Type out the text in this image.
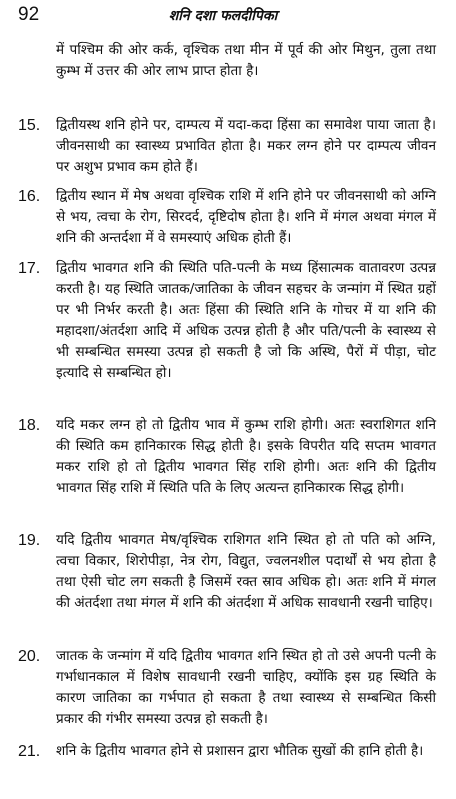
92	शनि दशा फलदीपिका
में पश्चिम की ओर कर्क, वृश्चिक तथा मीन में पूर्व की ओर मिथुन, तुला तथा कुम्भ में उत्तर की ओर लाभ प्राप्त होता है।
15.	द्वितीयस्थ शनि होने पर, दाम्पत्य में यदा-कदा हिंसा का समावेश पाया जाता है। जीवनसाथी का स्वास्थ्य प्रभावित होता है। मकर लग्न होने पर दाम्पत्य जीवन पर अशुभ प्रभाव कम होते हैं।
16.	द्वितीय स्थान में मेष अथवा वृश्चिक राशि में शनि होने पर जीवनसाथी को अग्नि से भय, त्वचा के रोग, सिरदर्द, दृष्टिदोष होता है। शनि में मंगल अथवा मंगल में शनि की अन्तर्दशा में वे समस्याएं अधिक होती हैं।
17.	द्वितीय भावगत शनि की स्थिति पति-पत्नी के मध्य हिंसात्मक वातावरण उत्पन्न करती है। यह स्थिति जातक/जातिका के जीवन सहचर के जन्मांग में स्थित ग्रहों पर भी निर्भर करती है। अतः हिंसा की स्थिति शनि के गोचर में या शनि की महादशा/अंतर्दशा आदि में अधिक उत्पन्न होती है और पति/पत्नी के स्वास्थ्य से भी सम्बन्धित समस्या उत्पन्न हो सकती है जो कि अस्थि, पैरों में पीड़ा, चोट इत्यादि से सम्बन्धित हो।
18.	यदि मकर लग्न हो तो द्वितीय भाव में कुम्भ राशि होगी। अतः स्वराशिगत शनि की स्थिति कम हानिकारक सिद्ध होती है। इसके विपरीत यदि सप्तम भावगत मकर राशि हो तो द्वितीय भावगत सिंह राशि होगी। अतः शनि की द्वितीय भावगत सिंह राशि में स्थिति पति के लिए अत्यन्त हानिकारक सिद्ध होगी।
19.	यदि द्वितीय भावगत मेष/वृश्चिक राशिगत शनि स्थित हो तो पति को अग्नि, त्वचा विकार, शिरोपीड़ा, नेत्र रोग, विद्युत, ज्वलनशील पदार्थों से भय होता है तथा ऐसी चोट लग सकती है जिसमें रक्त स्राव अधिक हो। अतः शनि में मंगल की अंतर्दशा तथा मंगल में शनि की अंतर्दशा में अधिक सावधानी रखनी चाहिए।
20.	जातक के जन्मांग में यदि द्वितीय भावगत शनि स्थित हो तो उसे अपनी पत्नी के गर्भाधानकाल में विशेष सावधानी रखनी चाहिए, क्योंकि इस ग्रह स्थिति के कारण जातिका का गर्भपात हो सकता है तथा स्वास्थ्य से सम्बन्धित किसी प्रकार की गंभीर समस्या उत्पन्न हो सकती है।
21.	शनि के द्वितीय भावगत होने से प्रशासन द्वारा भौतिक सुखों की हानि होती है।
